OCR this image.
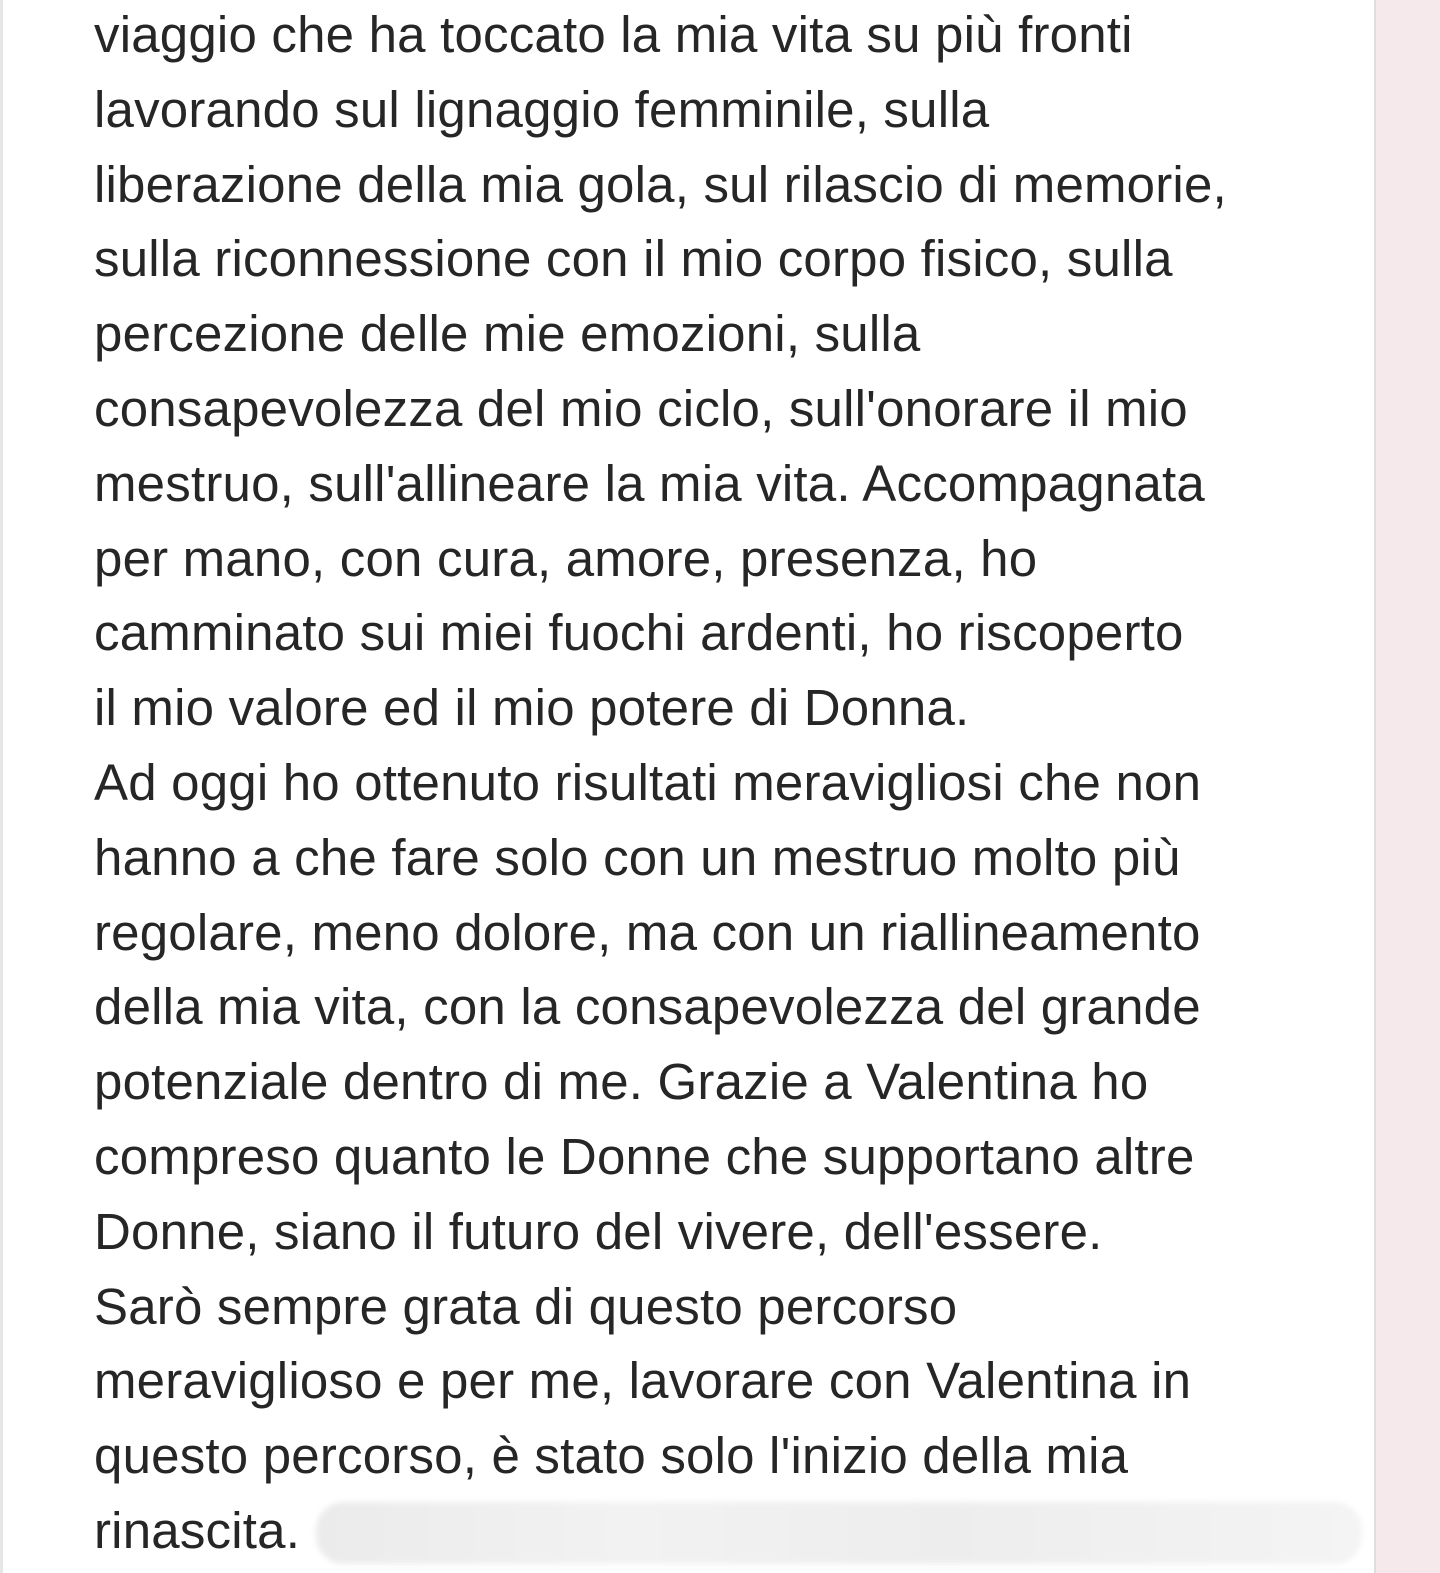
viaggio che ha toccato la mia vita su più fronti
lavorando sul lignaggio femminile, sulla
liberazione della mia gola, sul rilascio di memorie,
sulla riconnessione con il mio corpo fisico, sulla
percezione delle mie emozioni, sulla
consapevolezza del mio ciclo, sull'onorare il mio
mestruo, sull'allineare la mia vita. Accompagnata
per mano, con cura, amore, presenza, ho
camminato sui miei fuochi ardenti, ho riscoperto
il mio valore ed il mio potere di Donna.
Ad oggi ho ottenuto risultati meravigliosi che non
hanno a che fare solo con un mestruo molto più
regolare, meno dolore, ma con un riallineamento
della mia vita, con la consapevolezza del grande
potenziale dentro di me. Grazie a Valentina ho
compreso quanto le Donne che supportano altre
Donne, siano il futuro del vivere, dell'essere.
Sarò sempre grata di questo percorso
meraviglioso e per me, lavorare con Valentina in
questo percorso, è stato solo l'inizio della mia
rinascita.
